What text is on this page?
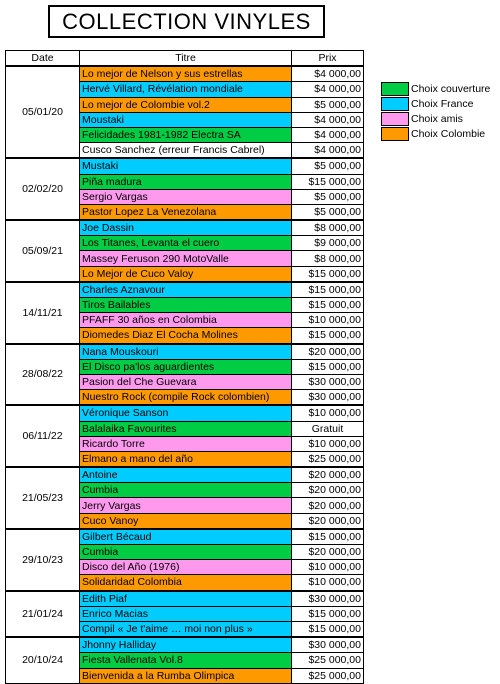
COLLECTION VINYLES
Date	Titre	Prix
05/01/20	Lo mejor de Nelson y sus estrellas	$4 000,00
	Hervé Villard, Révélation mondiale	$4 000,00
	Lo mejor de Colombie vol.2	$5 000,00
	Moustaki	$4 000,00
	Felicidades 1981-1982 Electra SA	$4 000,00
	Cusco Sanchez (erreur Francis Cabrel)	$4 000,00
02/02/20	Mustaki	$5 000,00
	Piña madura	$15 000,00
	Sergio Vargas	$5 000,00
	Pastor Lopez La Venezolana	$5 000,00
05/09/21	Joe Dassin	$8 000,00
	Los Titanes, Levanta el cuero	$9 000,00
	Massey Feruson 290 MotoValle	$8 000,00
	Lo Mejor de Cuco Valoy	$15 000,00
14/11/21	Charles Aznavour	$15 000,00
	Tiros Bailables	$15 000,00
	PFAFF 30 años en Colombia	$10 000,00
	Diomedes Diaz El Cocha Molines	$15 000,00
28/08/22	Nana Mouskouri	$20 000,00
	El Disco pa'los aguardientes	$15 000,00
	Pasion del Che Guevara	$30 000,00
	Nuestro Rock (compile Rock colombien)	$30 000,00
06/11/22	Véronique Sanson	$10 000,00
	Balalaika Favourites	Gratuit
	Ricardo Torre	$10 000,00
	Elmano a mano del año	$25 000,00
21/05/23	Antoine	$20 000,00
	Cumbia	$20 000,00
	Jerry Vargas	$20 000,00
	Cuco Vanoy	$20 000,00
29/10/23	Gilbert Bécaud	$15 000,00
	Cumbia	$20 000,00
	Disco del Año (1976)	$10 000,00
	Solidaridad Colombia	$10 000,00
21/01/24	Edith Piaf	$30 000,00
	Enrico Macias	$15 000,00
	Compil « Je t'aime … moi non plus »	$15 000,00
20/10/24	Jhonny Halliday	$30 000,00
	Fiesta Vallenata Vol.8	$25 000,00
	Bienvenida a la Rumba Olimpica	$25 000,00
Choix couverture
Choix France
Choix amis
Choix Colombie
